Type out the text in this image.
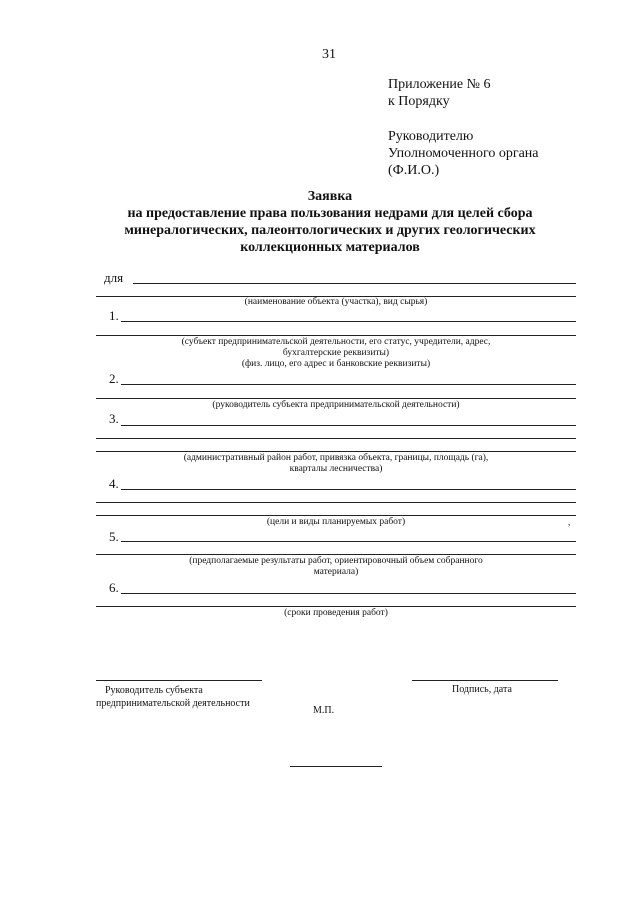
31
Приложение № 6
к Порядку
Руководителю
Уполномоченного органа
(Ф.И.О.)
Заявка
на предоставление права пользования недрами для целей сбора
минералогических, палеонтологических и других геологических
коллекционных материалов
для
(наименование объекта (участка), вид сырья)
1.
(субъект предпринимательской деятельности, его статус, учредители, адрес,
бухгалтерские реквизиты)
(физ. лицо, его адрес и банковские реквизиты)
2.
(руководитель субъекта предпринимательской деятельности)
3.
(административный район работ, привязка объекта, границы, площадь (га),
кварталы лесничества)
4.
(цели и виды планируемых работ)	,
5.
(предполагаемые результаты работ, ориентировочный объем собранного
материала)
6.
(сроки проведения работ)
Руководитель субъекта
предпринимательской деятельности
Подпись, дата
М.П.
